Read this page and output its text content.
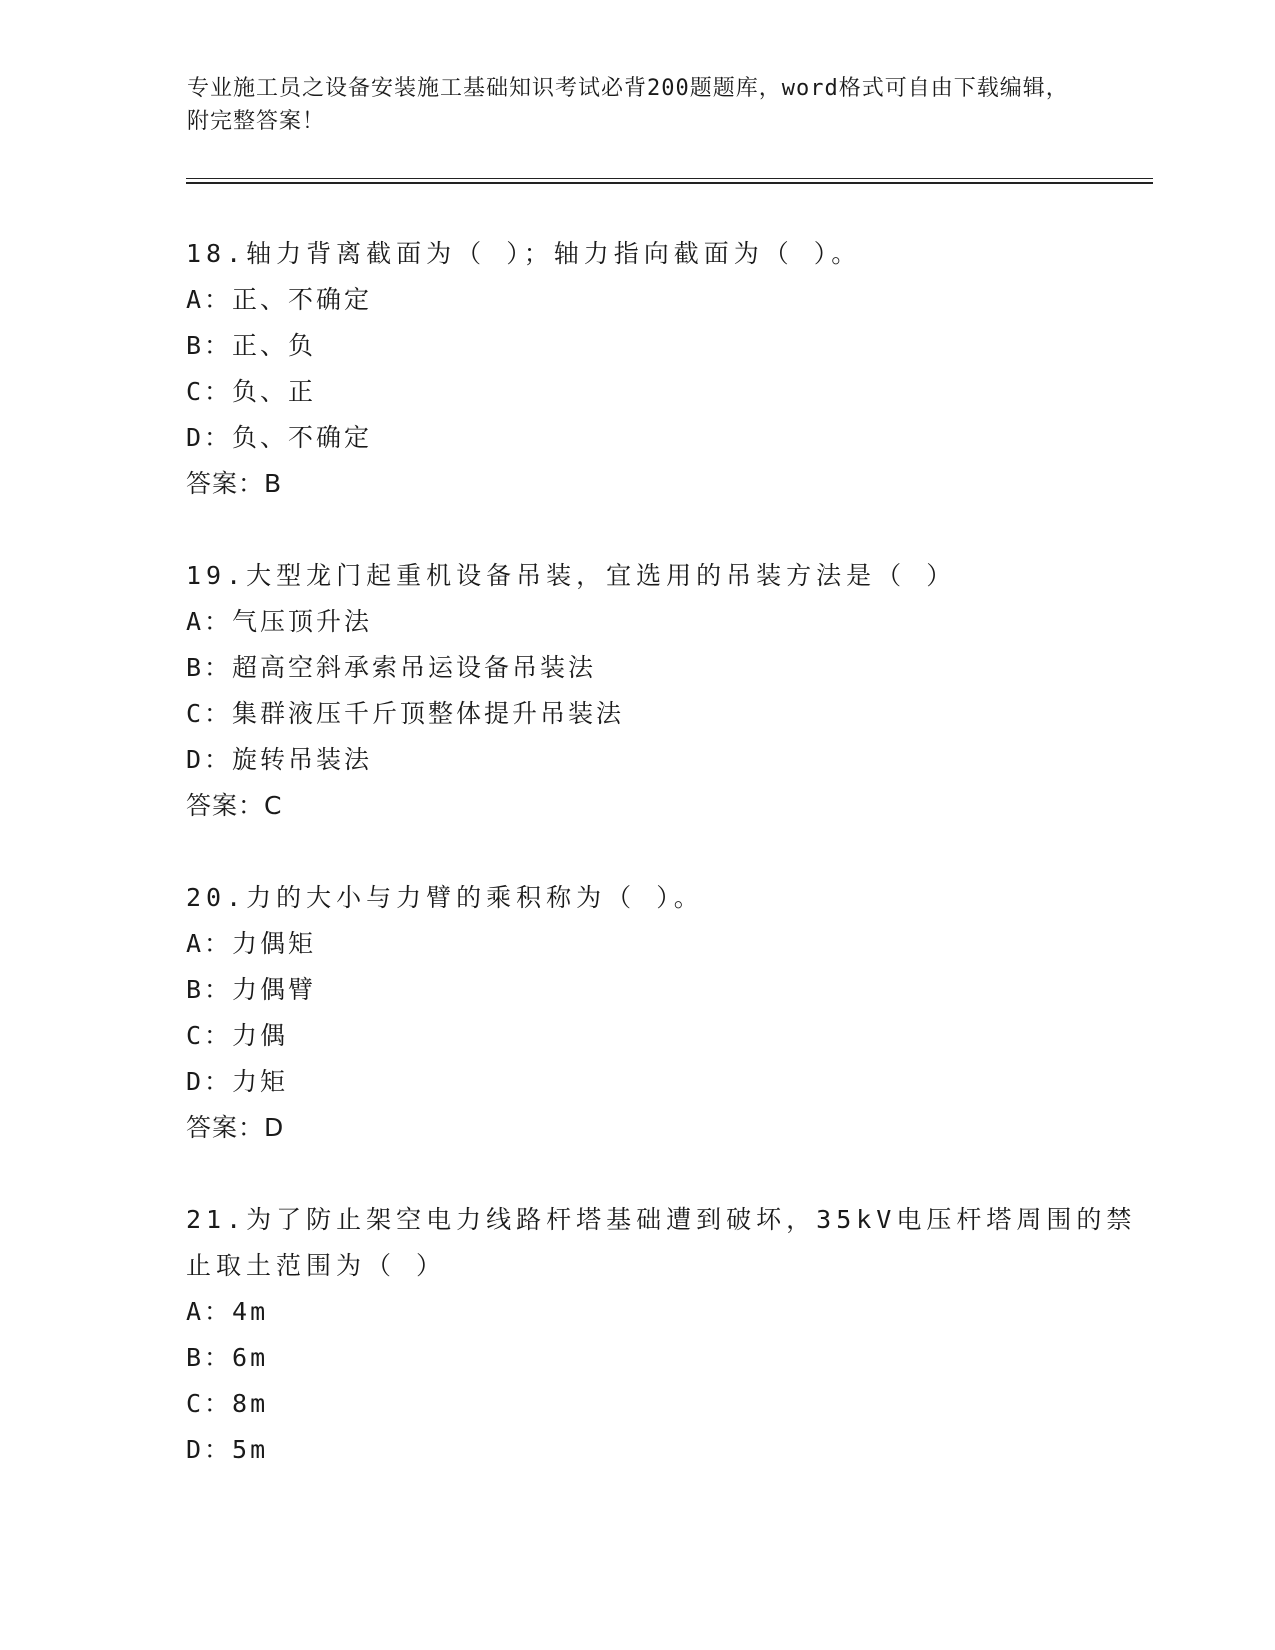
专业施工员之设备安装施工基础知识考试必背200题题库，word格式可自由下载编辑，附完整答案！
18.轴力背离截面为（ ）；轴力指向截面为（ ）。
A：正、不确定
B：正、负
C：负、正
D：负、不确定
答案：B
19.大型龙门起重机设备吊装，宜选用的吊装方法是（ ）
A：气压顶升法
B：超高空斜承索吊运设备吊装法
C：集群液压千斤顶整体提升吊装法
D：旋转吊装法
答案：C
20.力的大小与力臂的乘积称为（ ）。
A：力偶矩
B：力偶臂
C：力偶
D：力矩
答案：D
21.为了防止架空电力线路杆塔基础遭到破坏，35kV电压杆塔周围的禁止取土范围为（ ）
A：4m
B：6m
C：8m
D：5m
